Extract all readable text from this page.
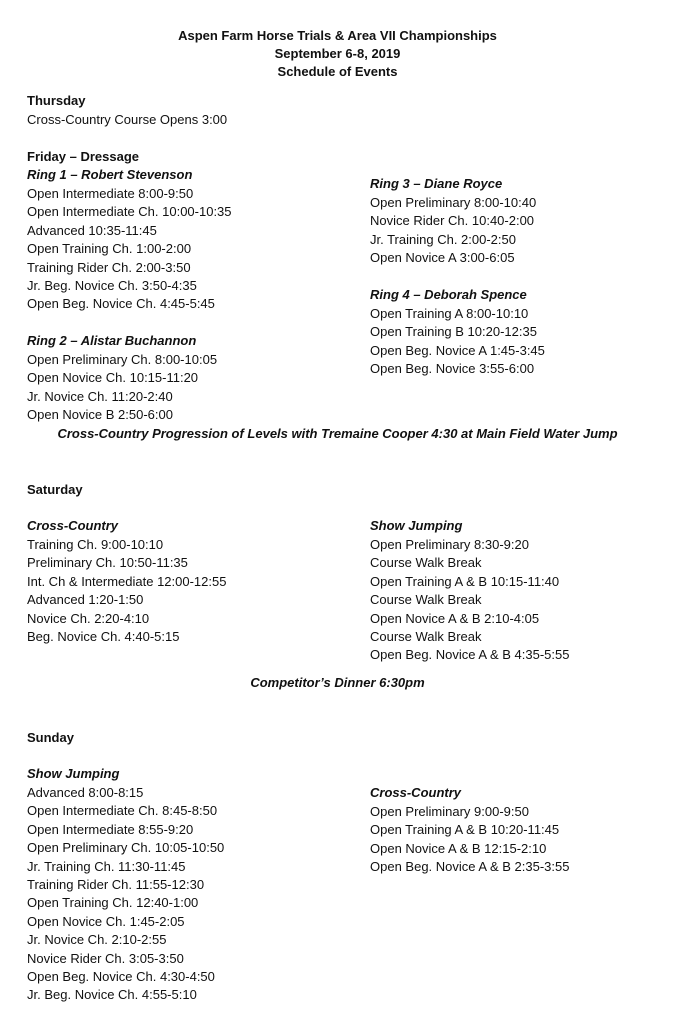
Aspen Farm Horse Trials & Area VII Championships
September 6-8, 2019
Schedule of Events
Thursday
Cross-Country Course Opens 3:00
Friday – Dressage
Ring 1 – Robert Stevenson
Open Intermediate 8:00-9:50
Open Intermediate Ch. 10:00-10:35
Advanced 10:35-11:45
Open Training Ch. 1:00-2:00
Training Rider Ch. 2:00-3:50
Jr. Beg. Novice Ch. 3:50-4:35
Open Beg. Novice Ch. 4:45-5:45
Ring 2 – Alistar Buchannon
Open Preliminary Ch. 8:00-10:05
Open Novice Ch. 10:15-11:20
Jr. Novice Ch. 11:20-2:40
Open Novice B 2:50-6:00
Ring 3 – Diane Royce
Open Preliminary 8:00-10:40
Novice Rider Ch. 10:40-2:00
Jr. Training Ch. 2:00-2:50
Open Novice A 3:00-6:05
Ring 4 – Deborah Spence
Open Training A 8:00-10:10
Open Training B 10:20-12:35
Open Beg. Novice A 1:45-3:45
Open Beg. Novice 3:55-6:00
Cross-Country Progression of Levels with Tremaine Cooper 4:30 at Main Field Water Jump
Saturday
Cross-Country
Training Ch. 9:00-10:10
Preliminary Ch. 10:50-11:35
Int. Ch & Intermediate 12:00-12:55
Advanced 1:20-1:50
Novice Ch. 2:20-4:10
Beg. Novice Ch. 4:40-5:15
Show Jumping
Open Preliminary 8:30-9:20
Course Walk Break
Open Training A & B 10:15-11:40
Course Walk Break
Open Novice A & B 2:10-4:05
Course Walk Break
Open Beg. Novice A & B 4:35-5:55
Competitor’s Dinner 6:30pm
Sunday
Show Jumping
Advanced 8:00-8:15
Open Intermediate Ch. 8:45-8:50
Open Intermediate 8:55-9:20
Open Preliminary Ch. 10:05-10:50
Jr. Training Ch. 11:30-11:45
Training Rider Ch. 11:55-12:30
Open Training Ch. 12:40-1:00
Open Novice Ch. 1:45-2:05
Jr. Novice Ch. 2:10-2:55
Novice Rider Ch. 3:05-3:50
Open Beg. Novice Ch. 4:30-4:50
Jr. Beg. Novice Ch. 4:55-5:10
Cross-Country
Open Preliminary 9:00-9:50
Open Training A & B 10:20-11:45
Open Novice A & B 12:15-2:10
Open Beg. Novice A & B 2:35-3:55
